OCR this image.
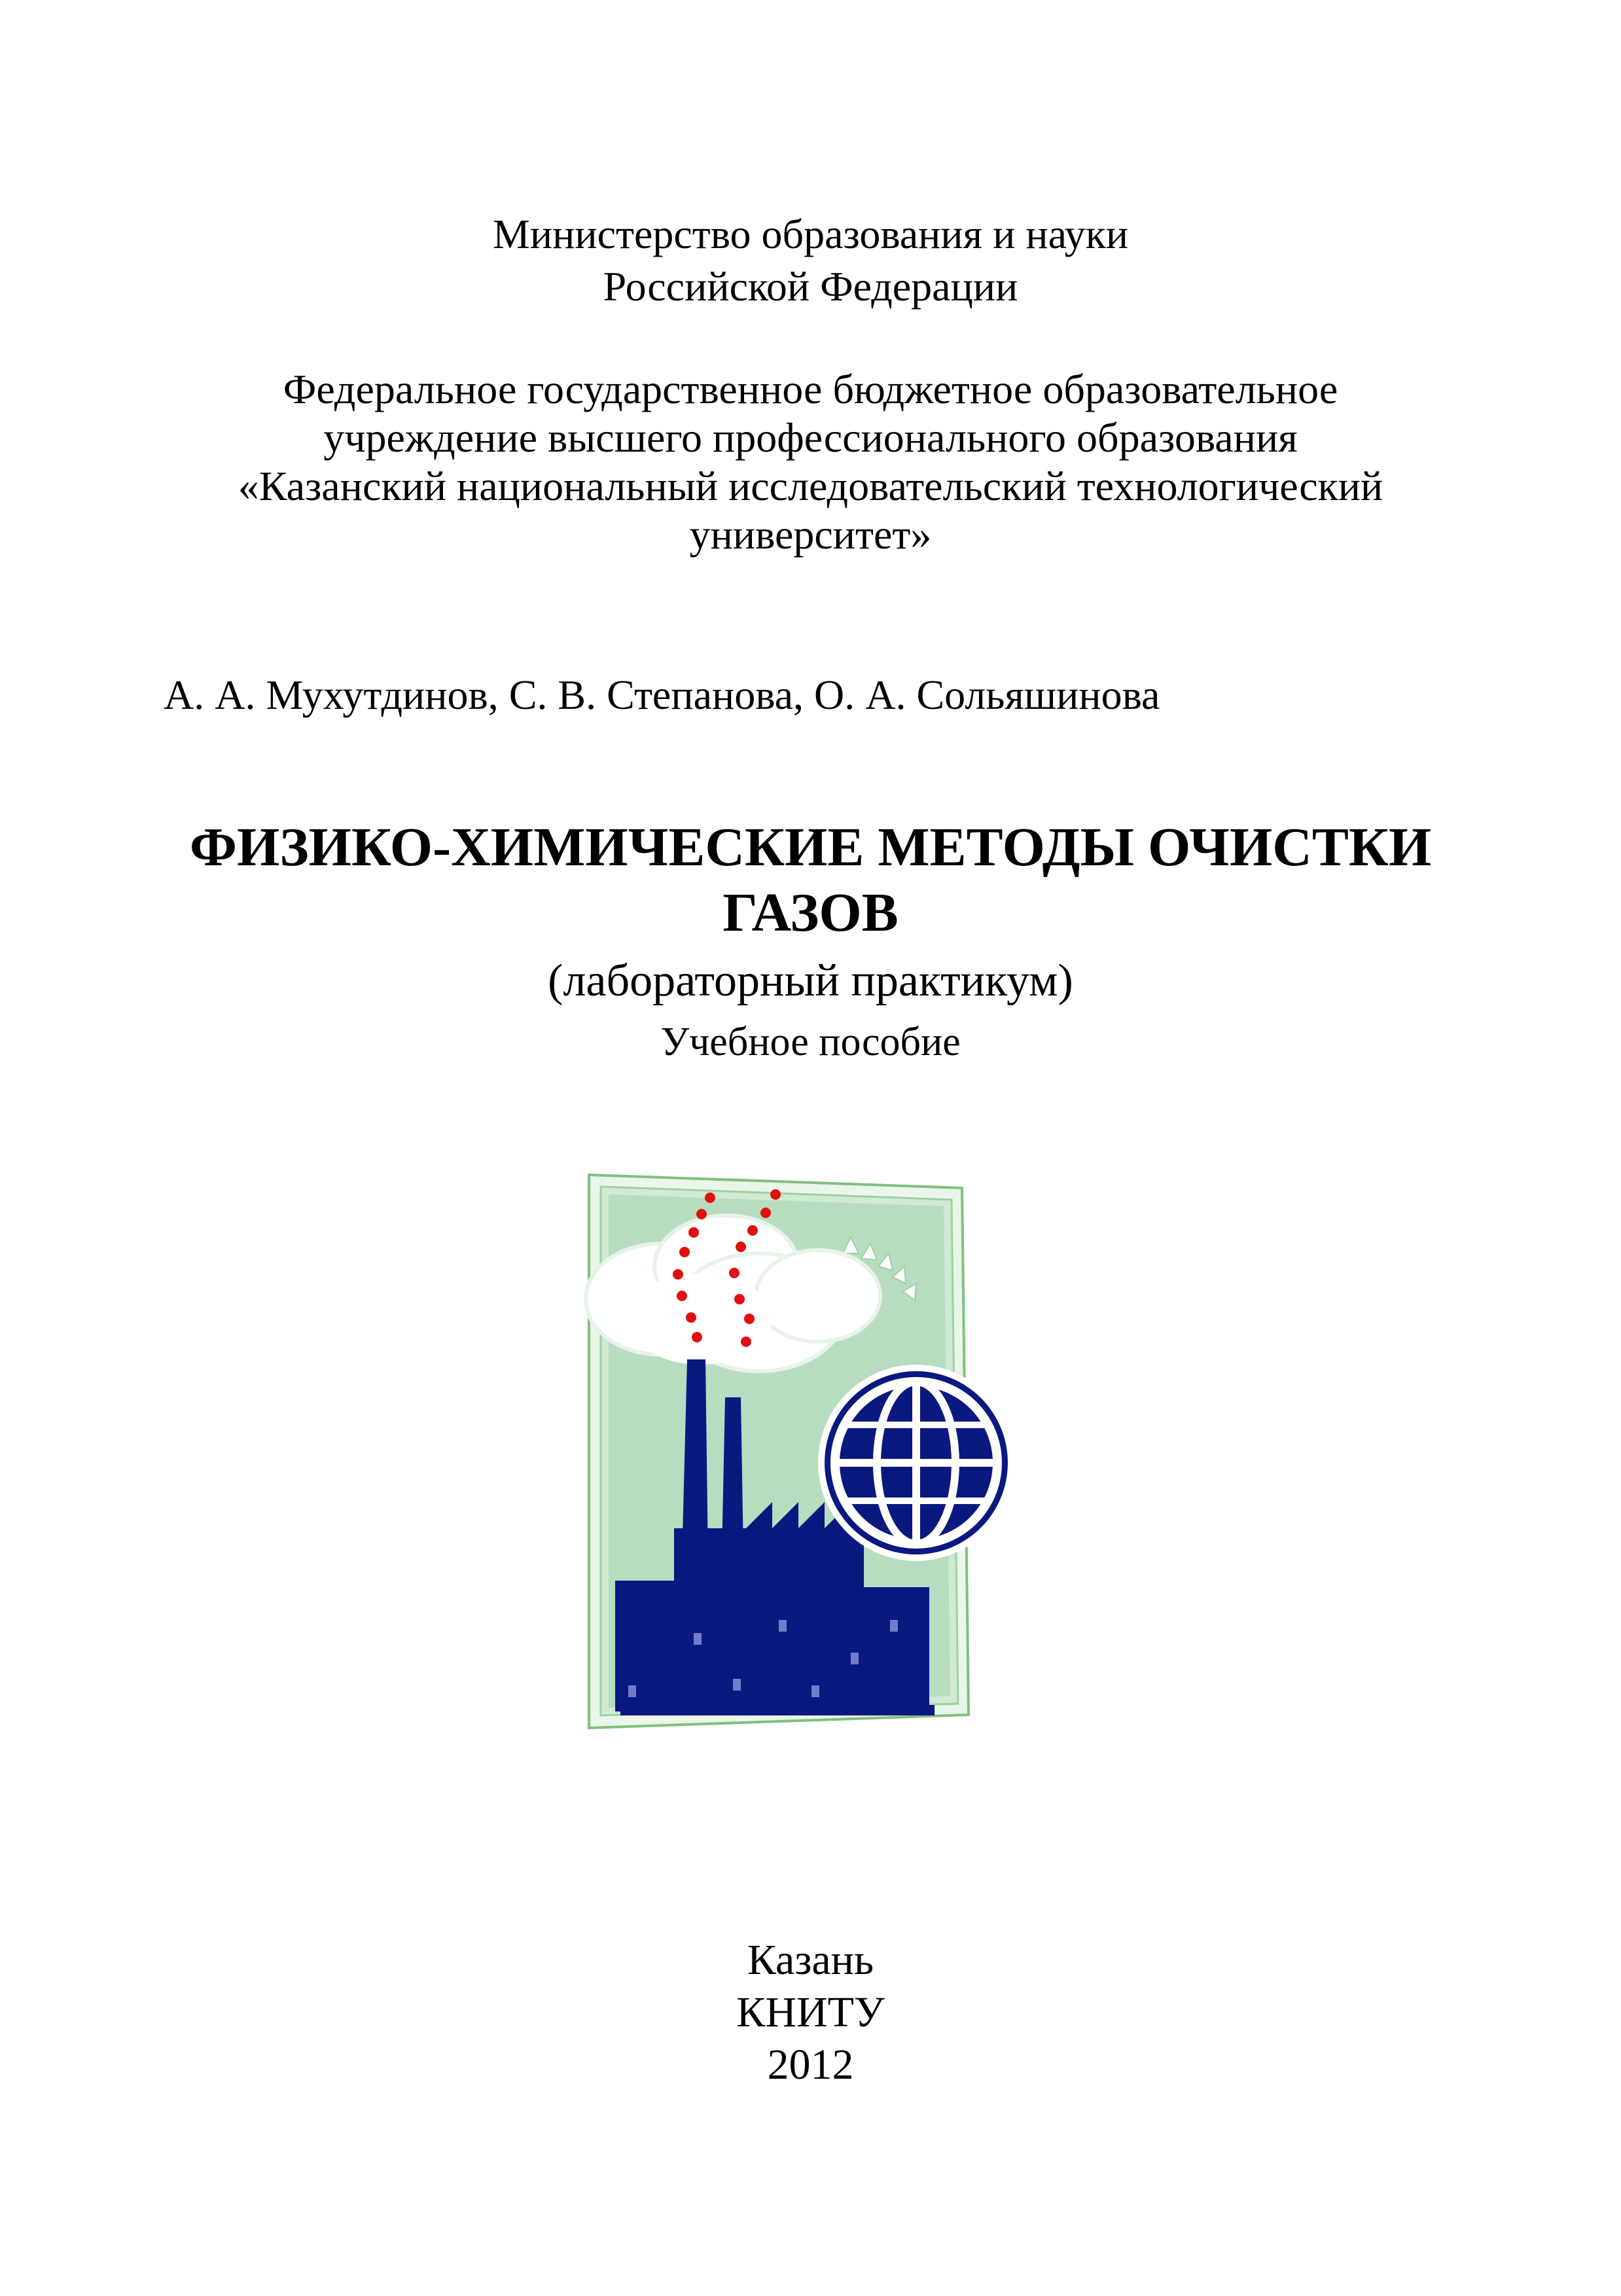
Министерство образования и науки
Российской Федерации
Федеральное государственное бюджетное образовательное
учреждение высшего профессионального образования
«Казанский национальный исследовательский технологический
университет»
А. А. Мухутдинов, С. В. Степанова, О. А. Сольяшинова
ФИЗИКО-ХИМИЧЕСКИЕ МЕТОДЫ ОЧИСТКИ
ГАЗОВ
(лабораторный практикум)
Учебное пособие
Казань
КНИТУ
2012
